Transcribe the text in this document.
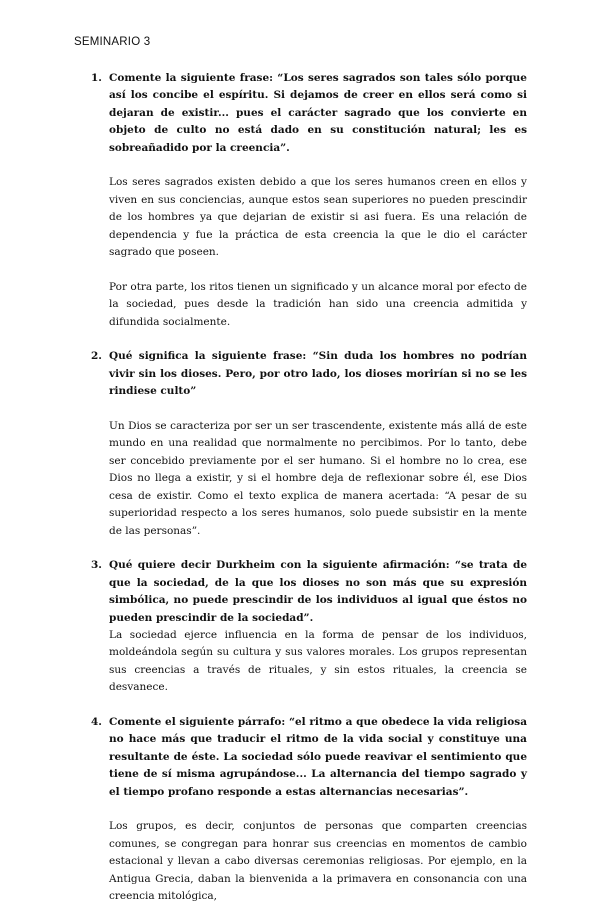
SEMINARIO 3
1. Comente la siguiente frase: “Los seres sagrados son tales sólo porque así los concibe el espíritu. Si dejamos de creer en ellos será como si dejaran de existir... pues el carácter sagrado que los convierte en objeto de culto no está dado en su constitución natural; les es sobreañadido por la creencia”.

Los seres sagrados existen debido a que los seres humanos creen en ellos y viven en sus conciencias, aunque estos sean superiores no pueden prescindir de los hombres ya que dejarian de existir si asi fuera. Es una relación de dependencia y fue la práctica de esta creencia la que le dio el carácter sagrado que poseen.

Por otra parte, los ritos tienen un significado y un alcance moral por efecto de la sociedad, pues desde la tradición han sido una creencia admitida y difundida socialmente.

2. Qué significa la siguiente frase: “Sin duda los hombres no podrían vivir sin los dioses. Pero, por otro lado, los dioses morirían si no se les rindiese culto”

Un Dios se caracteriza por ser un ser trascendente, existente más allá de este mundo en una realidad que normalmente no percibimos. Por lo tanto, debe ser concebido previamente por el ser humano. Si el hombre no lo crea, ese Dios no llega a existir, y si el hombre deja de reflexionar sobre él, ese Dios cesa de existir. Como el texto explica de manera acertada: “A pesar de su superioridad respecto a los seres humanos, solo puede subsistir en la mente de las personas”.

3. Qué quiere decir Durkheim con la siguiente afirmación: “se trata de que la sociedad, de la que los dioses no son más que su expresión simbólica, no puede prescindir de los individuos al igual que éstos no pueden prescindir de la sociedad”.

La sociedad ejerce influencia en la forma de pensar de los individuos, moldeándola según su cultura y sus valores morales. Los grupos representan sus creencias a través de rituales, y sin estos rituales, la creencia se desvanece.

4. Comente el siguiente párrafo: “el ritmo a que obedece la vida religiosa no hace más que traducir el ritmo de la vida social y constituye una resultante de éste. La sociedad sólo puede reavivar el sentimiento que tiene de sí misma agrupándose... La alternancia del tiempo sagrado y el tiempo profano responde a estas alternancias necesarias”.

Los grupos, es decir, conjuntos de personas que comparten creencias comunes, se congregan para honrar sus creencias en momentos de cambio estacional y llevan a cabo diversas ceremonias religiosas. Por ejemplo, en la Antigua Grecia, daban la bienvenida a la primavera en consonancia con una creencia mitológica,
